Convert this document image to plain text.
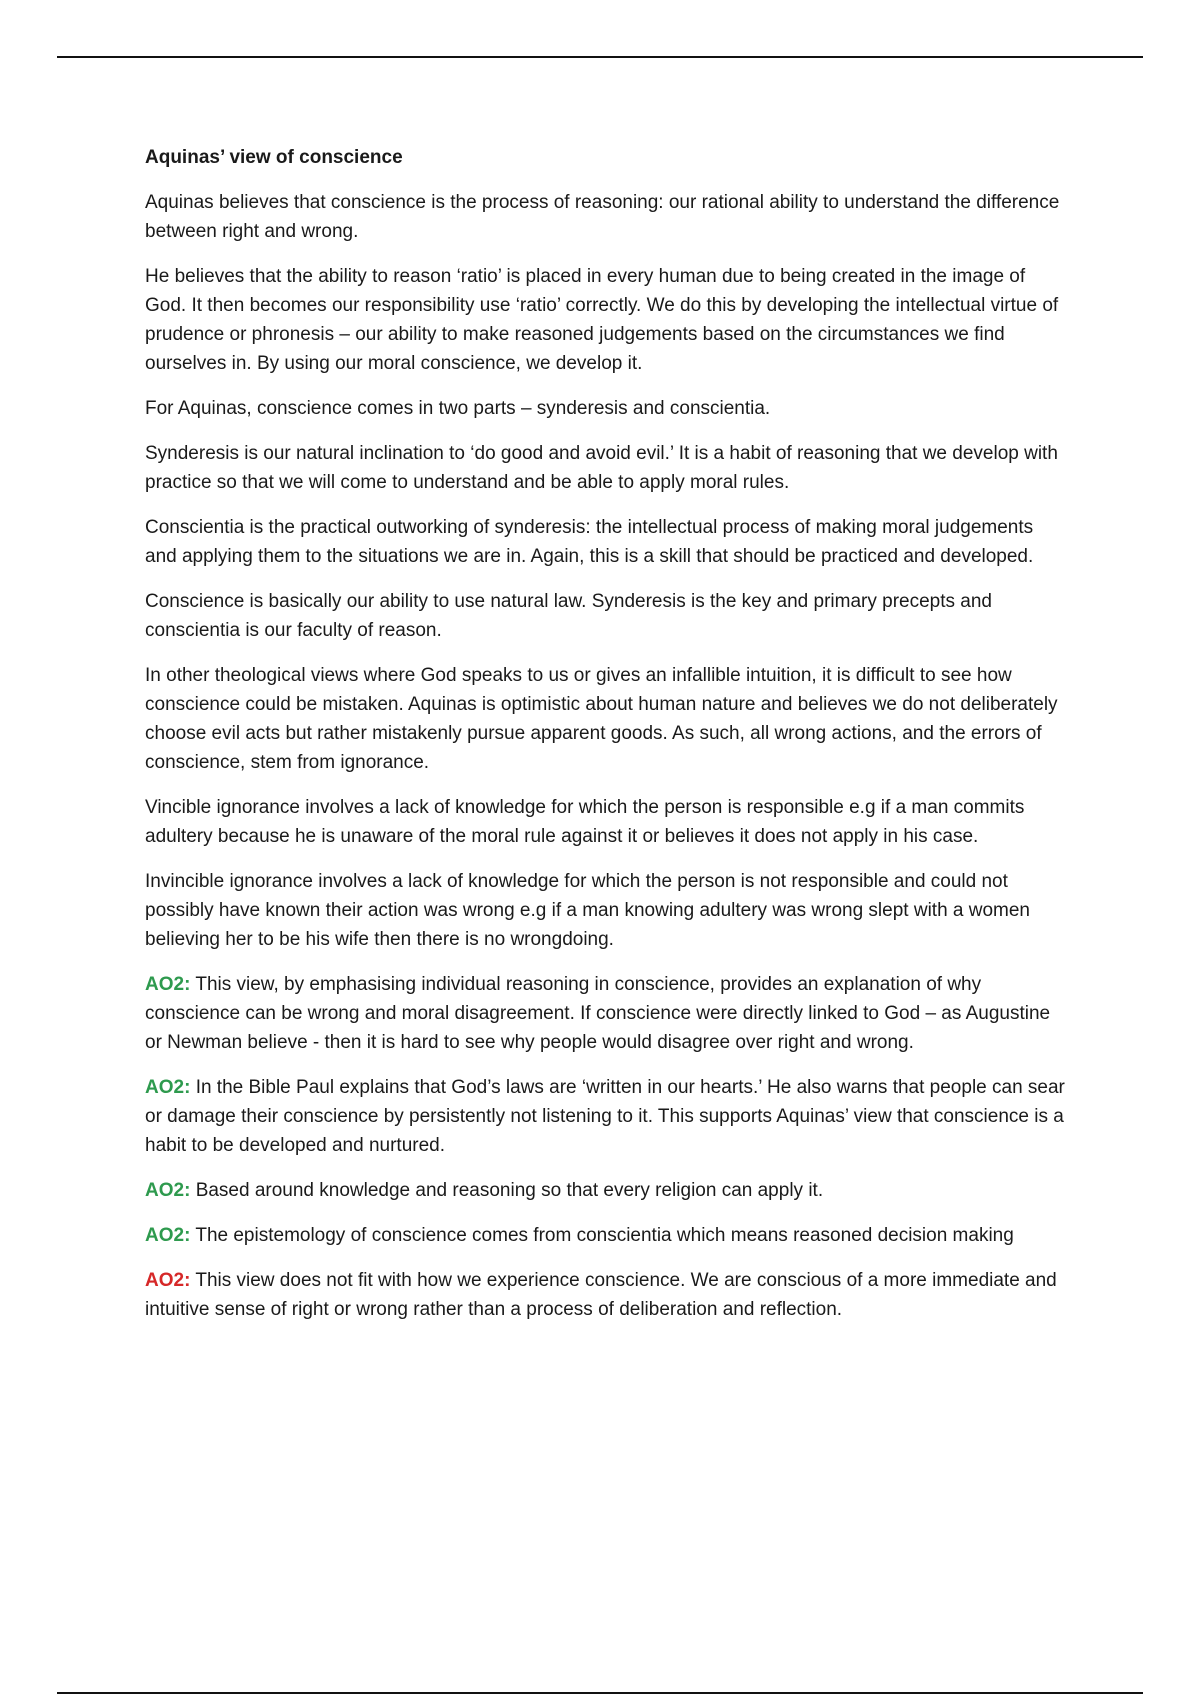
Aquinas’ view of conscience

Aquinas believes that conscience is the process of reasoning: our rational ability to understand the difference between right and wrong.

He believes that the ability to reason ‘ratio’ is placed in every human due to being created in the image of God. It then becomes our responsibility use ‘ratio’ correctly. We do this by developing the intellectual virtue of prudence or phronesis – our ability to make reasoned judgements based on the circumstances we find ourselves in. By using our moral conscience, we develop it.

For Aquinas, conscience comes in two parts – synderesis and conscientia.

Synderesis is our natural inclination to ‘do good and avoid evil.’ It is a habit of reasoning that we develop with practice so that we will come to understand and be able to apply moral rules.

Conscientia is the practical outworking of synderesis: the intellectual process of making moral judgements and applying them to the situations we are in. Again, this is a skill that should be practiced and developed.

Conscience is basically our ability to use natural law. Synderesis is the key and primary precepts and conscientia is our faculty of reason.

In other theological views where God speaks to us or gives an infallible intuition, it is difficult to see how conscience could be mistaken. Aquinas is optimistic about human nature and believes we do not deliberately choose evil acts but rather mistakenly pursue apparent goods. As such, all wrong actions, and the errors of conscience, stem from ignorance.

Vincible ignorance involves a lack of knowledge for which the person is responsible e.g if a man commits adultery because he is unaware of the moral rule against it or believes it does not apply in his case.

Invincible ignorance involves a lack of knowledge for which the person is not responsible and could not possibly have known their action was wrong e.g if a man knowing adultery was wrong slept with a women believing her to be his wife then there is no wrongdoing.

AO2: This view, by emphasising individual reasoning in conscience, provides an explanation of why conscience can be wrong and moral disagreement. If conscience were directly linked to God – as Augustine or Newman believe - then it is hard to see why people would disagree over right and wrong.

AO2: In the Bible Paul explains that God’s laws are ‘written in our hearts.’ He also warns that people can sear or damage their conscience by persistently not listening to it. This supports Aquinas’ view that conscience is a habit to be developed and nurtured.

AO2: Based around knowledge and reasoning so that every religion can apply it.

AO2: The epistemology of conscience comes from conscientia which means reasoned decision making

AO2: This view does not fit with how we experience conscience. We are conscious of a more immediate and intuitive sense of right or wrong rather than a process of deliberation and reflection.
